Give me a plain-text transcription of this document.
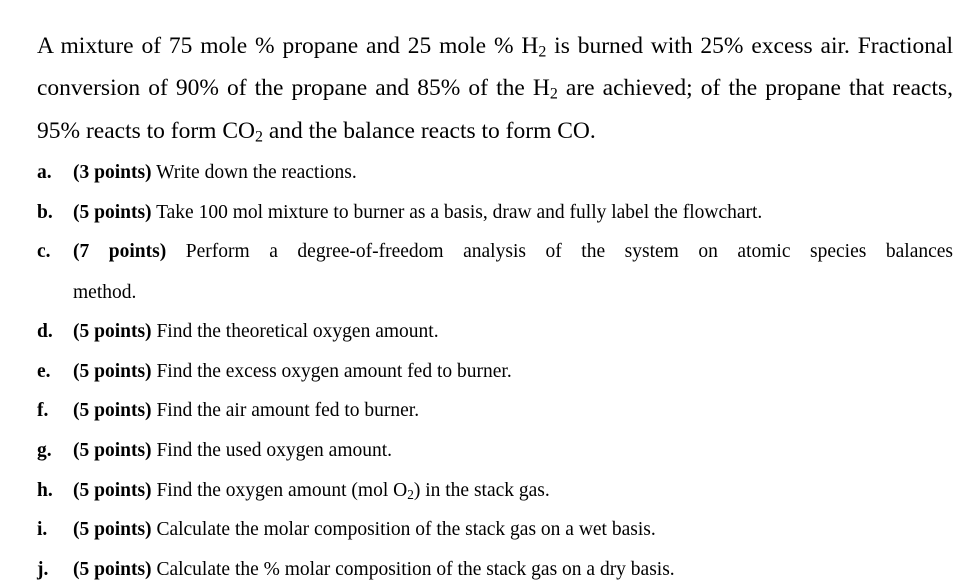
A mixture of 75 mole % propane and 25 mole % $H_2$ is burned with 25% excess air. Fractional
conversion of 90% of the propane and 85% of the $H_2$ are achieved; of the propane that reacts,
95% reacts to form $CO_2$ and the balance reacts to form CO.
a. (3 points) Write down the reactions.
b. (5 points) Take 100 mol mixture to burner as a basis, draw and fully label the flowchart.
c. (7 points) Perform a degree-of-freedom analysis of the system on atomic species balances
method.
d. (5 points) Find the theoretical oxygen amount.
e. (5 points) Find the excess oxygen amount fed to burner.
f. (5 points) Find the air amount fed to burner.
g. (5 points) Find the used oxygen amount.
h. (5 points) Find the oxygen amount (mol $O_2$) in the stack gas.
i. (5 points) Calculate the molar composition of the stack gas on a wet basis.
j. (5 points) Calculate the % molar composition of the stack gas on a dry basis.
